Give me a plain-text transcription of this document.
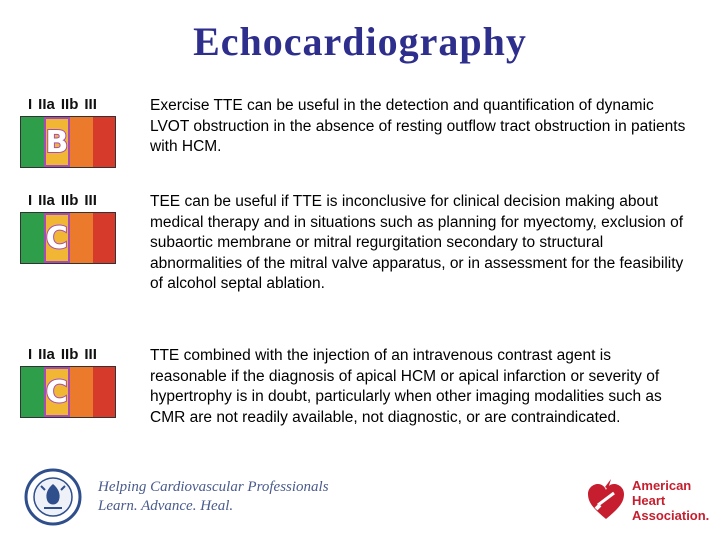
Echocardiography
I IIa IIb III
B
Exercise TTE can be useful in the detection and quantification of dynamic LVOT obstruction in the absence of resting outflow tract obstruction in patients with HCM.
I IIa IIb III
C
TEE can be useful if TTE is inconclusive for clinical decision making about medical therapy and in situations such as planning for myectomy, exclusion of subaortic membrane or mitral regurgitation secondary to structural abnormalities of the mitral valve apparatus, or in assessment for the feasibility of alcohol septal ablation.
I IIa IIb III
C
TTE combined with the injection of an intravenous contrast agent is reasonable if the diagnosis of apical HCM or apical infarction or severity of hypertrophy is in doubt, particularly when other imaging modalities such as CMR are not readily available, not diagnostic, or are contraindicated.
Helping Cardiovascular Professionals
Learn. Advance. Heal.
American
Heart
Association.
